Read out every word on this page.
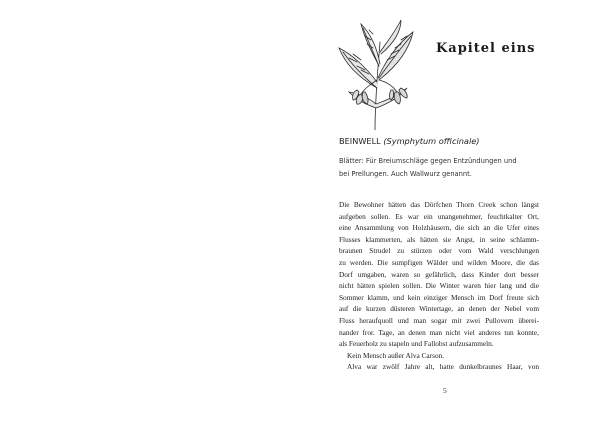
Kapitel eins
BEINWELL (Symphytum officinale)
Blätter: Für Breiumschläge gegen Entzündungen und
bei Prellungen. Auch Wallwurz genannt.
Die Bewohner hätten das Dörfchen Thorn Creek schon längst
aufgeben sollen. Es war ein unangenehmer, feuchtkalter Ort,
eine Ansammlung von Holzhäusern, die sich an die Ufer eines
Flusses klammerten, als hätten sie Angst, in seine schlamm-
braunen Strudel zu stürzen oder vom Wald verschlungen
zu werden. Die sumpfigen Wälder und wilden Moore, die das
Dorf umgaben, waren so gefährlich, dass Kinder dort besser
nicht hätten spielen sollen. Die Winter waren hier lang und die
Sommer klamm, und kein einziger Mensch im Dorf freute sich
auf die kurzen düsteren Wintertage, an denen der Nebel vom
Fluss heraufquoll und man sogar mit zwei Pullovern überei-
nander fror. Tage, an denen man nicht viel anderes tun konnte,
als Feuerholz zu stapeln und Fallobst aufzusammeln.
Kein Mensch außer Alva Carson.
Alva war zwölf Jahre alt, hatte dunkelbraunes Haar, von
5
